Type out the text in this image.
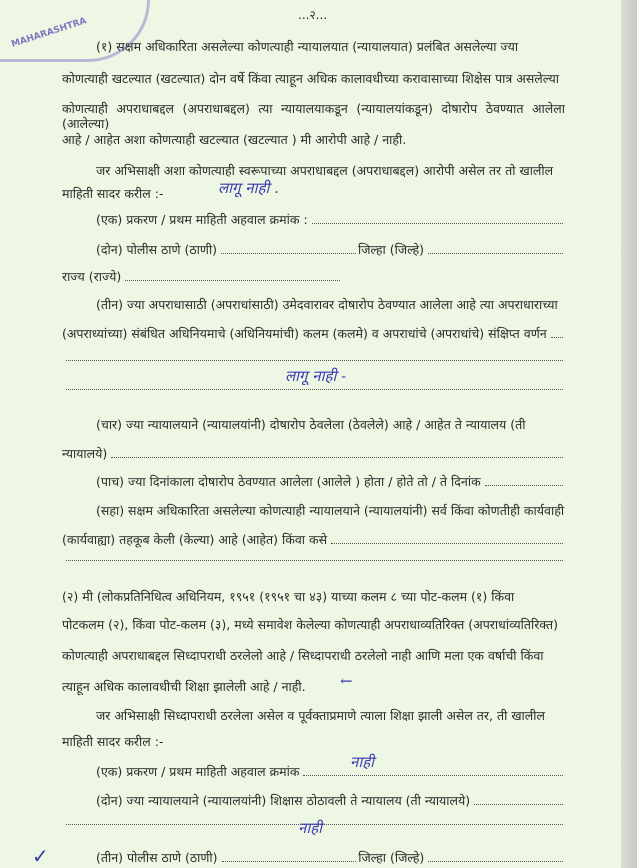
MAHARASHTRA
...२...
(१) सक्षम अधिकारिता असलेल्या कोणत्याही न्यायालयात (न्यायालयात) प्रलंबित असलेल्या ज्या
कोणत्याही खटल्यात (खटल्यात) दोन वर्षे किंवा त्याहून अधिक कालावधीच्या करावासाच्या शिक्षेस पात्र असलेल्या
कोणत्याही अपराधाबद्दल (अपराधाबद्दल) त्या न्यायालयाकडून (न्यायालयांकडून) दोषारोप ठेवण्यात आलेला (आलेल्या)
आहे / आहेत अशा कोणत्याही खटल्यात (खटल्यात ) मी आरोपी आहे / नाही.
जर अभिसाक्षी अशा कोणत्याही स्वरूपाच्या अपराधाबद्दल (अपराधाबद्दल) आरोपी असेल तर तो खालील
माहिती सादर करील :-	लागू नाही .
(एक) प्रकरण / प्रथम माहिती अहवाल क्रमांक :
(दोन) पोलीस ठाणे (ठाणी)	जिल्हा (जिल्हे)
राज्य (राज्ये)
(तीन) ज्या अपराधासाठी (अपराधांसाठी) उमेदवारावर दोषारोप ठेवण्यात आलेला आहे त्या अपराधाराच्या
(अपराध्यांच्या) संबंधित अधिनियमाचे (अधिनियमांची) कलम (कलमे) व अपराधांचे (अपराधांचे) संक्षिप्त वर्णन
लागू नाही -
(चार) ज्या न्यायालयाने (न्यायालयांनी) दोषारोप ठेवलेला (ठेवलेले) आहे / आहेत ते न्यायालय (ती
न्यायालये)
(पाच) ज्या दिनांकाला दोषारोप ठेवण्यात आलेला (आलेले ) होता / होते तो / ते दिनांक
(सहा) सक्षम अधिकारिता असलेल्या कोणत्याही न्यायालयाने (न्यायालयांनी) सर्व किंवा कोणतीही कार्यवाही
(कार्यवाह्या) तहकूब केली (केल्या) आहे (आहेत) किंवा कसे
(२) मी (लोकप्रतिनिधित्व अधिनियम, १९५१ (१९५१ चा ४३) याच्या कलम ८ च्या पोट-कलम (१) किंवा
पोटकलम (२), किंवा पोट-कलम (३), मध्ये समावेश केलेल्या कोणत्याही अपराधाव्यतिरिक्त (अपराधांव्यतिरिक्त)
कोणत्याही अपराधाबद्दल सिध्दापराधी ठरलेलो आहे / सिध्दापराधी ठरलेलो नाही आणि मला एक वर्षाची किंवा
त्याहून अधिक कालावधीची शिक्षा झालेली आहे / नाही.	←
जर अभिसाक्षी सिध्दापराधी ठरलेला असेल व पूर्वक्ताप्रमाणे त्याला शिक्षा झाली असेल तर, ती खालील
माहिती सादर करील :-
(एक) प्रकरण / प्रथम माहिती अहवाल क्रमांक
नाही
(दोन) ज्या न्यायालयाने (न्यायालयांनी) शिक्षास ठोठावली ते न्यायालय (ती न्यायालये)
नाही
(तीन) पोलीस ठाणे (ठाणी)	जिल्हा (जिल्हे)
✓
